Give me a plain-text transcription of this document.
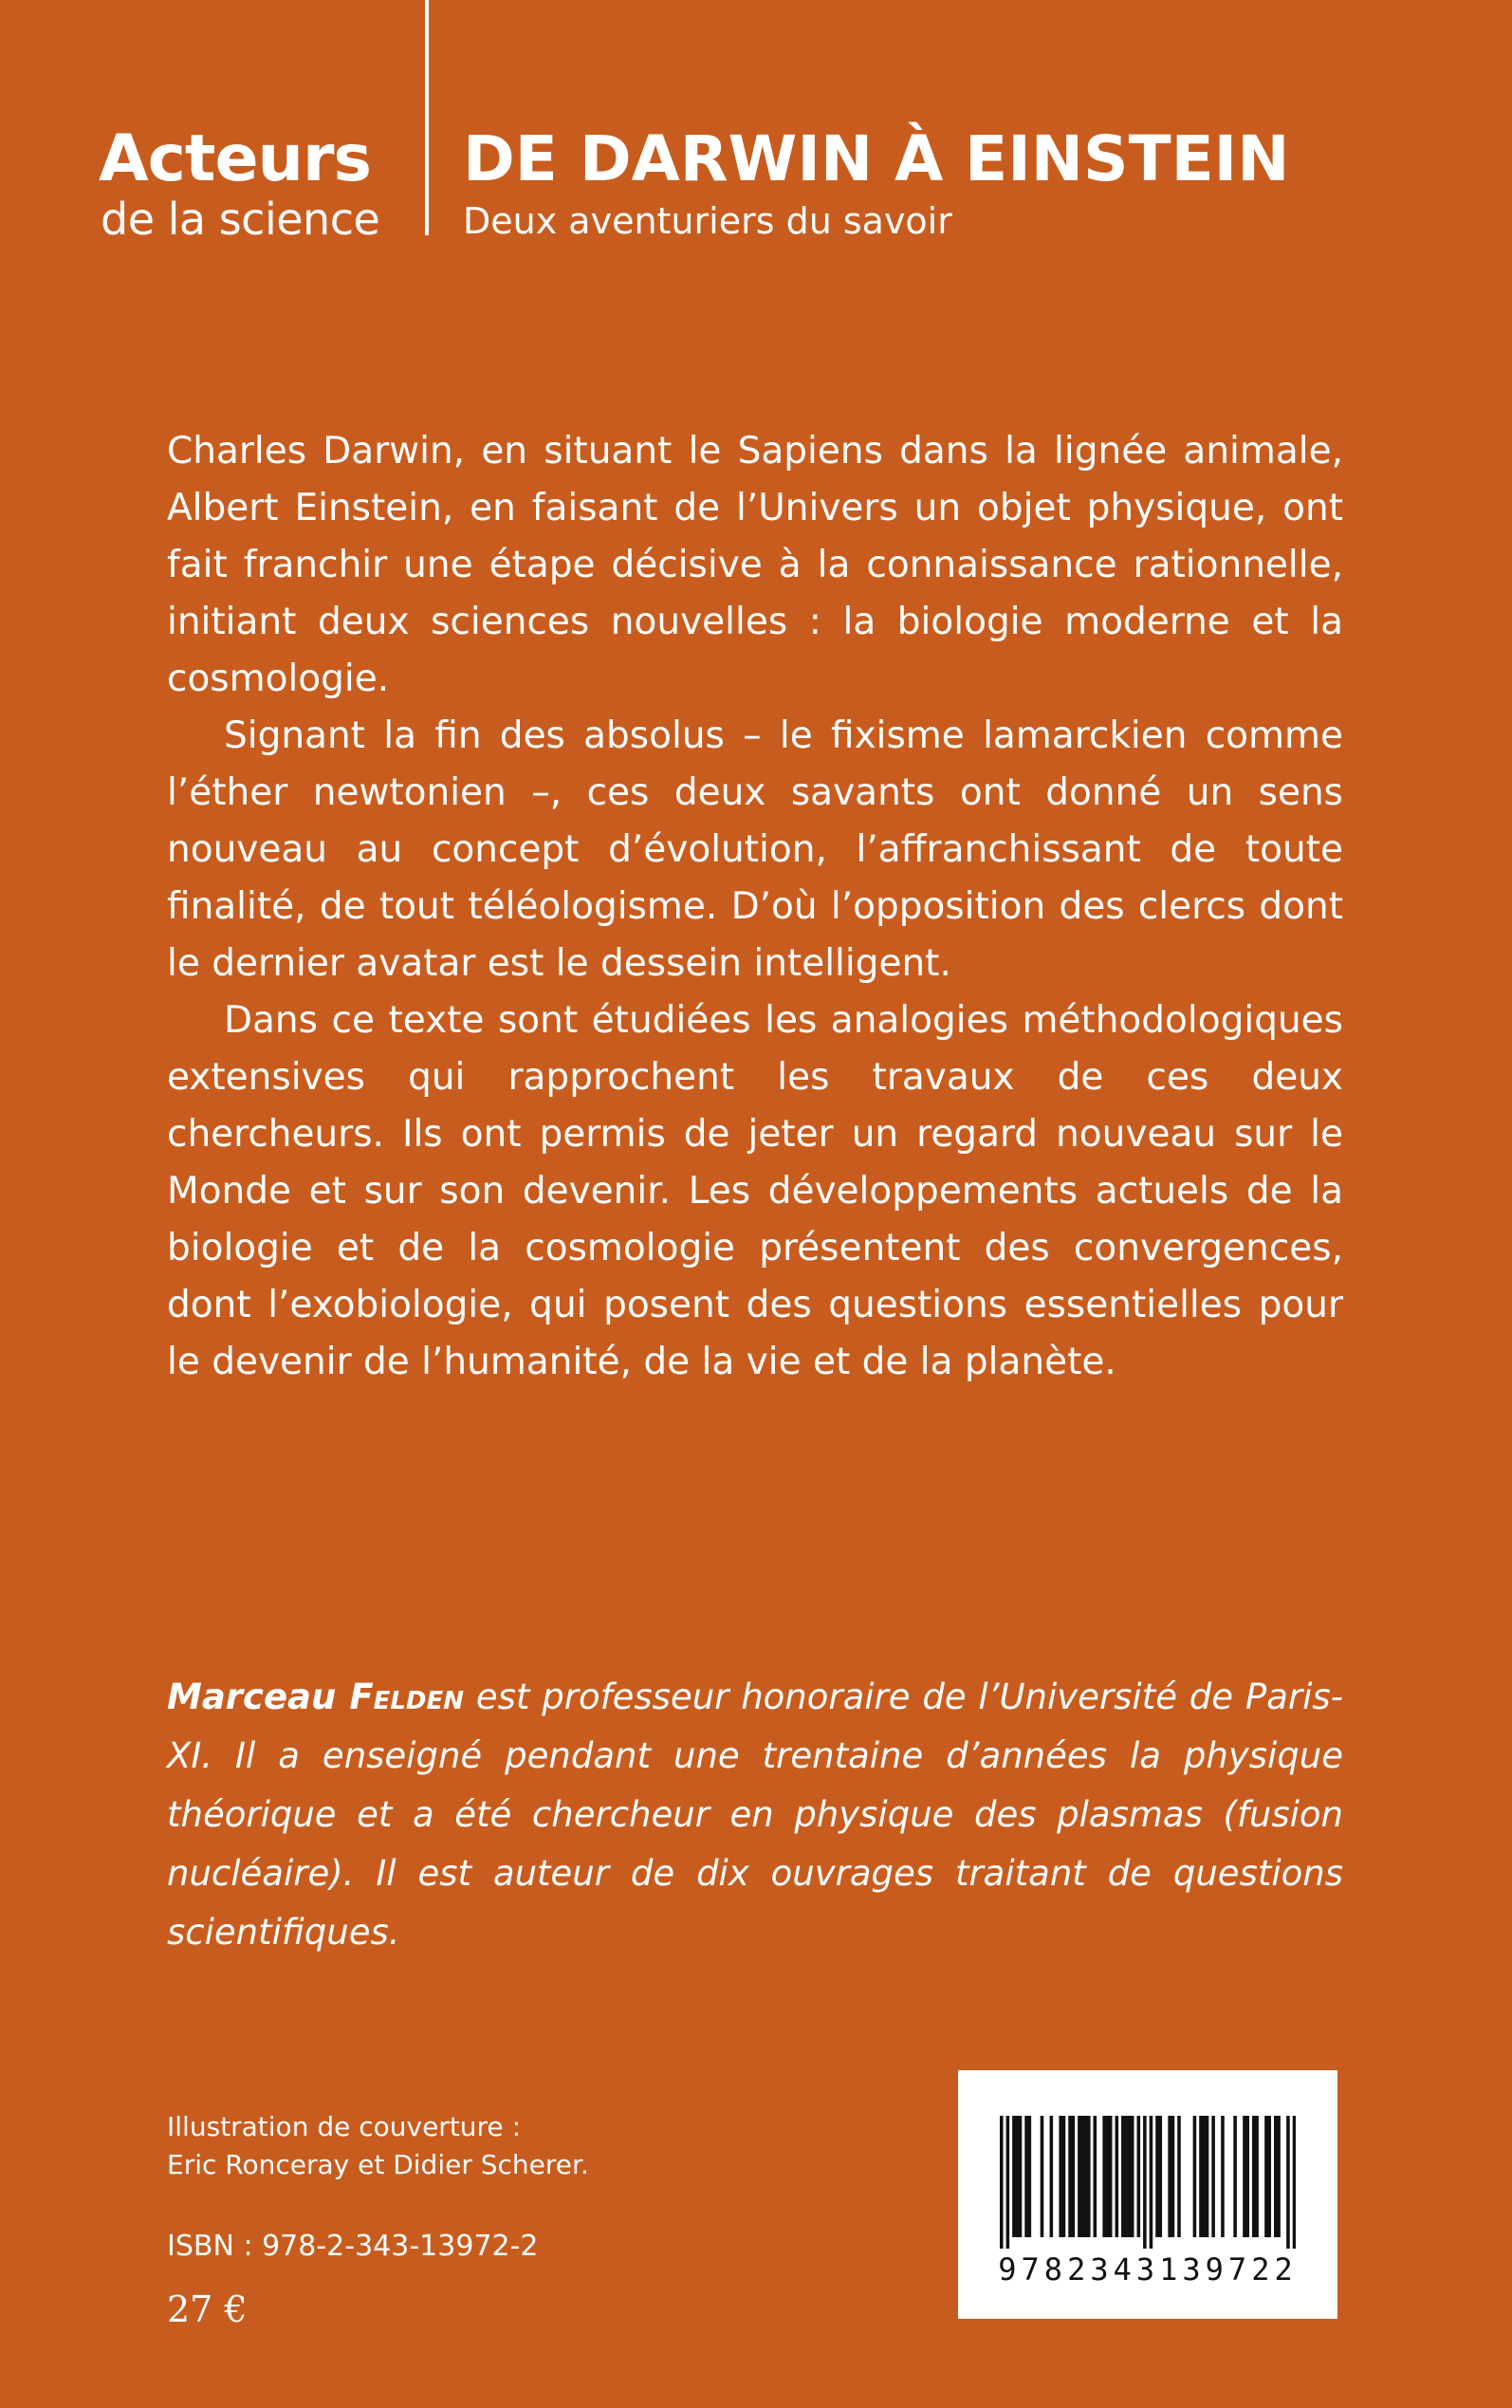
Acteurs
de la science
DE DARWIN À EINSTEIN
Deux aventuriers du savoir

Charles Darwin, en situant le Sapiens dans la lignée animale, Albert Einstein, en faisant de l’Univers un objet physique, ont fait franchir une étape décisive à la connaissance rationnelle, initiant deux sciences nouvelles : la biologie moderne et la cosmologie.

Signant la fin des absolus – le fixisme lamarckien comme l’éther newtonien –, ces deux savants ont donné un sens nouveau au concept d’évolution, l’affranchissant de toute finalité, de tout téléologisme. D’où l’opposition des clercs dont le dernier avatar est le dessein intelligent.

Dans ce texte sont étudiées les analogies méthodologiques extensives qui rapprochent les travaux de ces deux chercheurs. Ils ont permis de jeter un regard nouveau sur le Monde et sur son devenir. Les développements actuels de la biologie et de la cosmologie présentent des convergences, dont l’exobiologie, qui posent des questions essentielles pour le devenir de l’humanité, de la vie et de la planète.

Marceau Felden est professeur honoraire de l’Université de Paris-XI. Il a enseigné pendant une trentaine d’années la physique théorique et a été chercheur en physique des plasmas (fusion nucléaire). Il est auteur de dix ouvrages traitant de questions scientifiques.
Illustration de couverture :
Eric Ronceray et Didier Scherer.
ISBN : 978-2-343-13972-2
27 €
9782343139722
